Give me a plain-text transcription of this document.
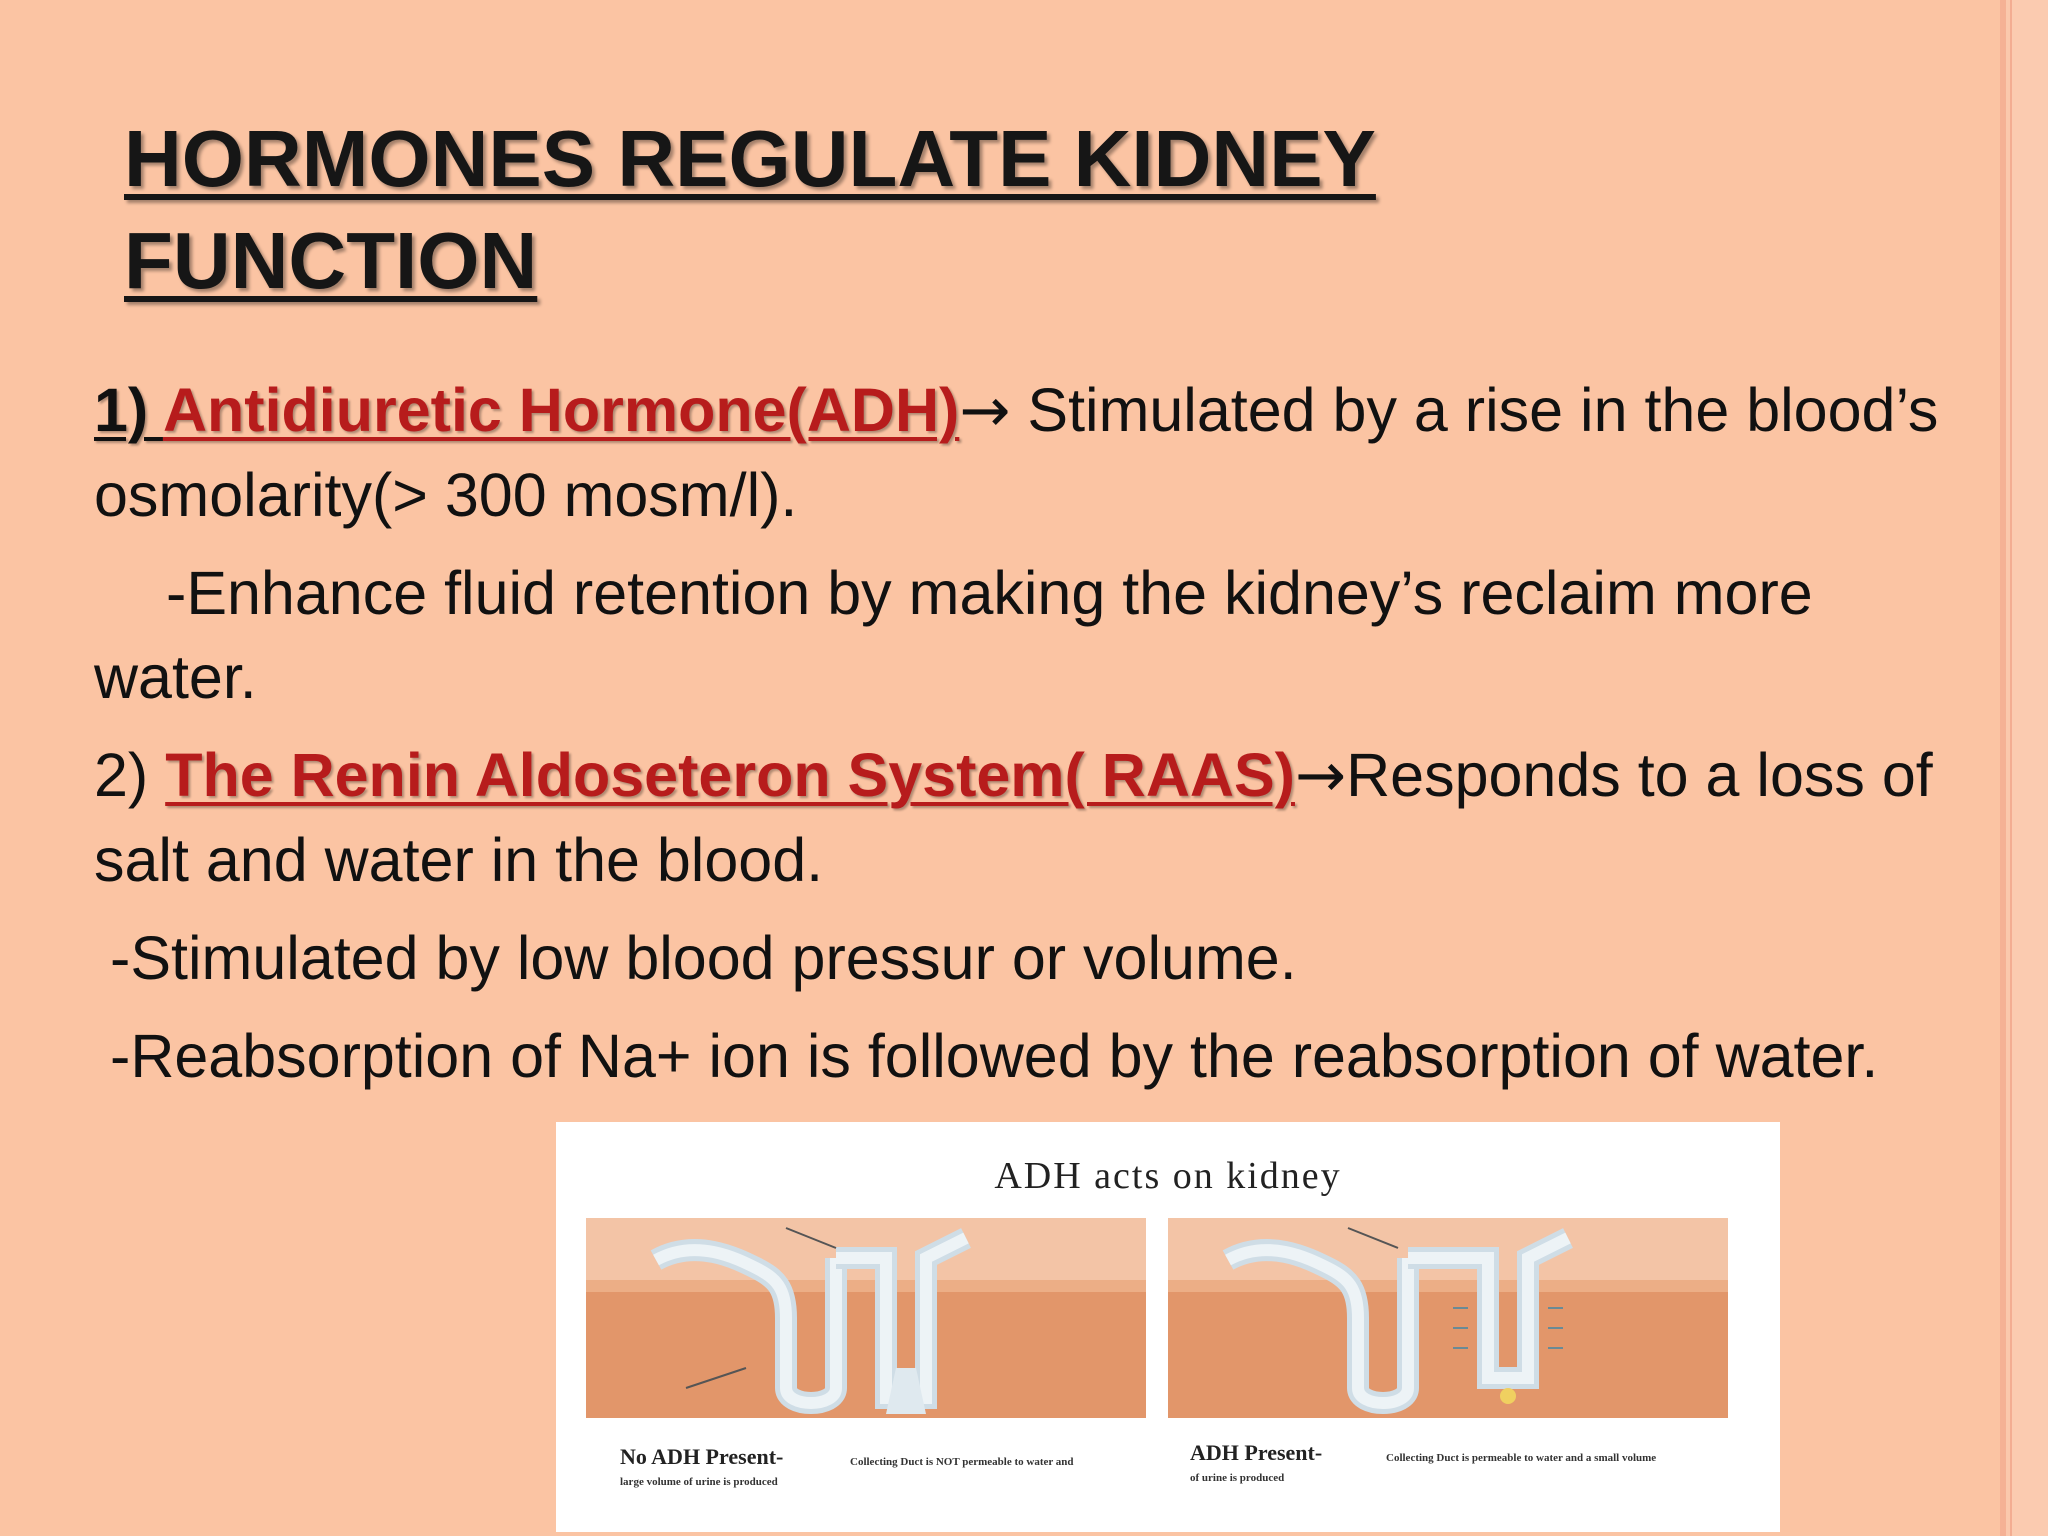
HORMONES REGULATE KIDNEY FUNCTION

1) Antidiuretic Hormone(ADH)→ Stimulated by a rise in the blood’s osmolarity(> 300 mosm/l).

-Enhance fluid retention by making the kidney’s reclaim more water.

2) The Renin Aldoseteron System( RAAS)→Responds to a loss of salt and water in the blood.

-Stimulated by low blood pressur or volume.

-Reabsorption of Na+ ion is followed by the reabsorption of water.

ADH acts on kidney
No ADH Present-	Collecting Duct is NOT permeable to water and large volume of urine is produced
ADH Present-	Collecting Duct is permeable to water and a small volume of urine is produced
